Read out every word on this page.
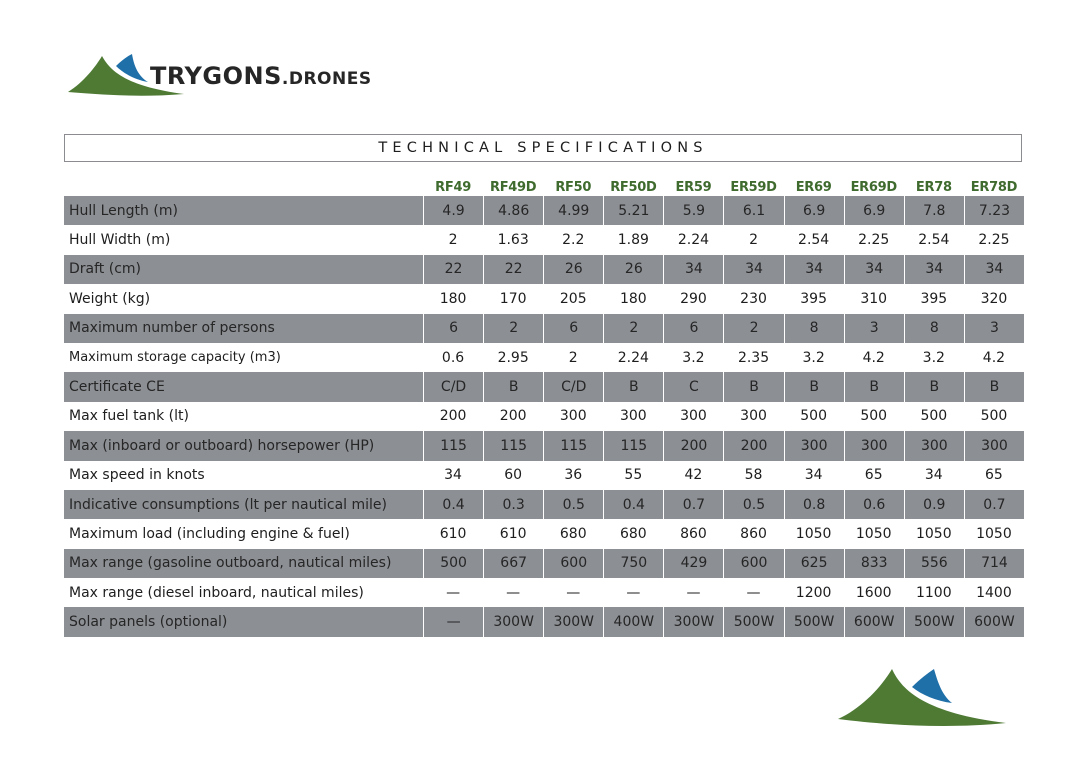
TRYGONS.DRONES
TECHNICAL SPECIFICATIONS
	RF49	RF49D	RF50	RF50D	ER59	ER59D	ER69	ER69D	ER78	ER78D
Hull Length (m)	4.9	4.86	4.99	5.21	5.9	6.1	6.9	6.9	7.8	7.23
Hull Width (m)	2	1.63	2.2	1.89	2.24	2	2.54	2.25	2.54	2.25
Draft (cm)	22	22	26	26	34	34	34	34	34	34
Weight (kg)	180	170	205	180	290	230	395	310	395	320
Maximum number of persons	6	2	6	2	6	2	8	3	8	3
Maximum storage capacity (m3)	0.6	2.95	2	2.24	3.2	2.35	3.2	4.2	3.2	4.2
Certificate CE	C/D	B	C/D	B	C	B	B	B	B	B
Max fuel tank (lt)	200	200	300	300	300	300	500	500	500	500
Max (inboard or outboard) horsepower (HP)	115	115	115	115	200	200	300	300	300	300
Max speed in knots	34	60	36	55	42	58	34	65	34	65
Indicative consumptions (lt per nautical mile)	0.4	0.3	0.5	0.4	0.7	0.5	0.8	0.6	0.9	0.7
Maximum load (including engine & fuel)	610	610	680	680	860	860	1050	1050	1050	1050
Max range (gasoline outboard, nautical miles)	500	667	600	750	429	600	625	833	556	714
Max range (diesel inboard, nautical miles)	—	—	—	—	—	—	1200	1600	1100	1400
Solar panels (optional)	—	300W	300W	400W	300W	500W	500W	600W	500W	600W
